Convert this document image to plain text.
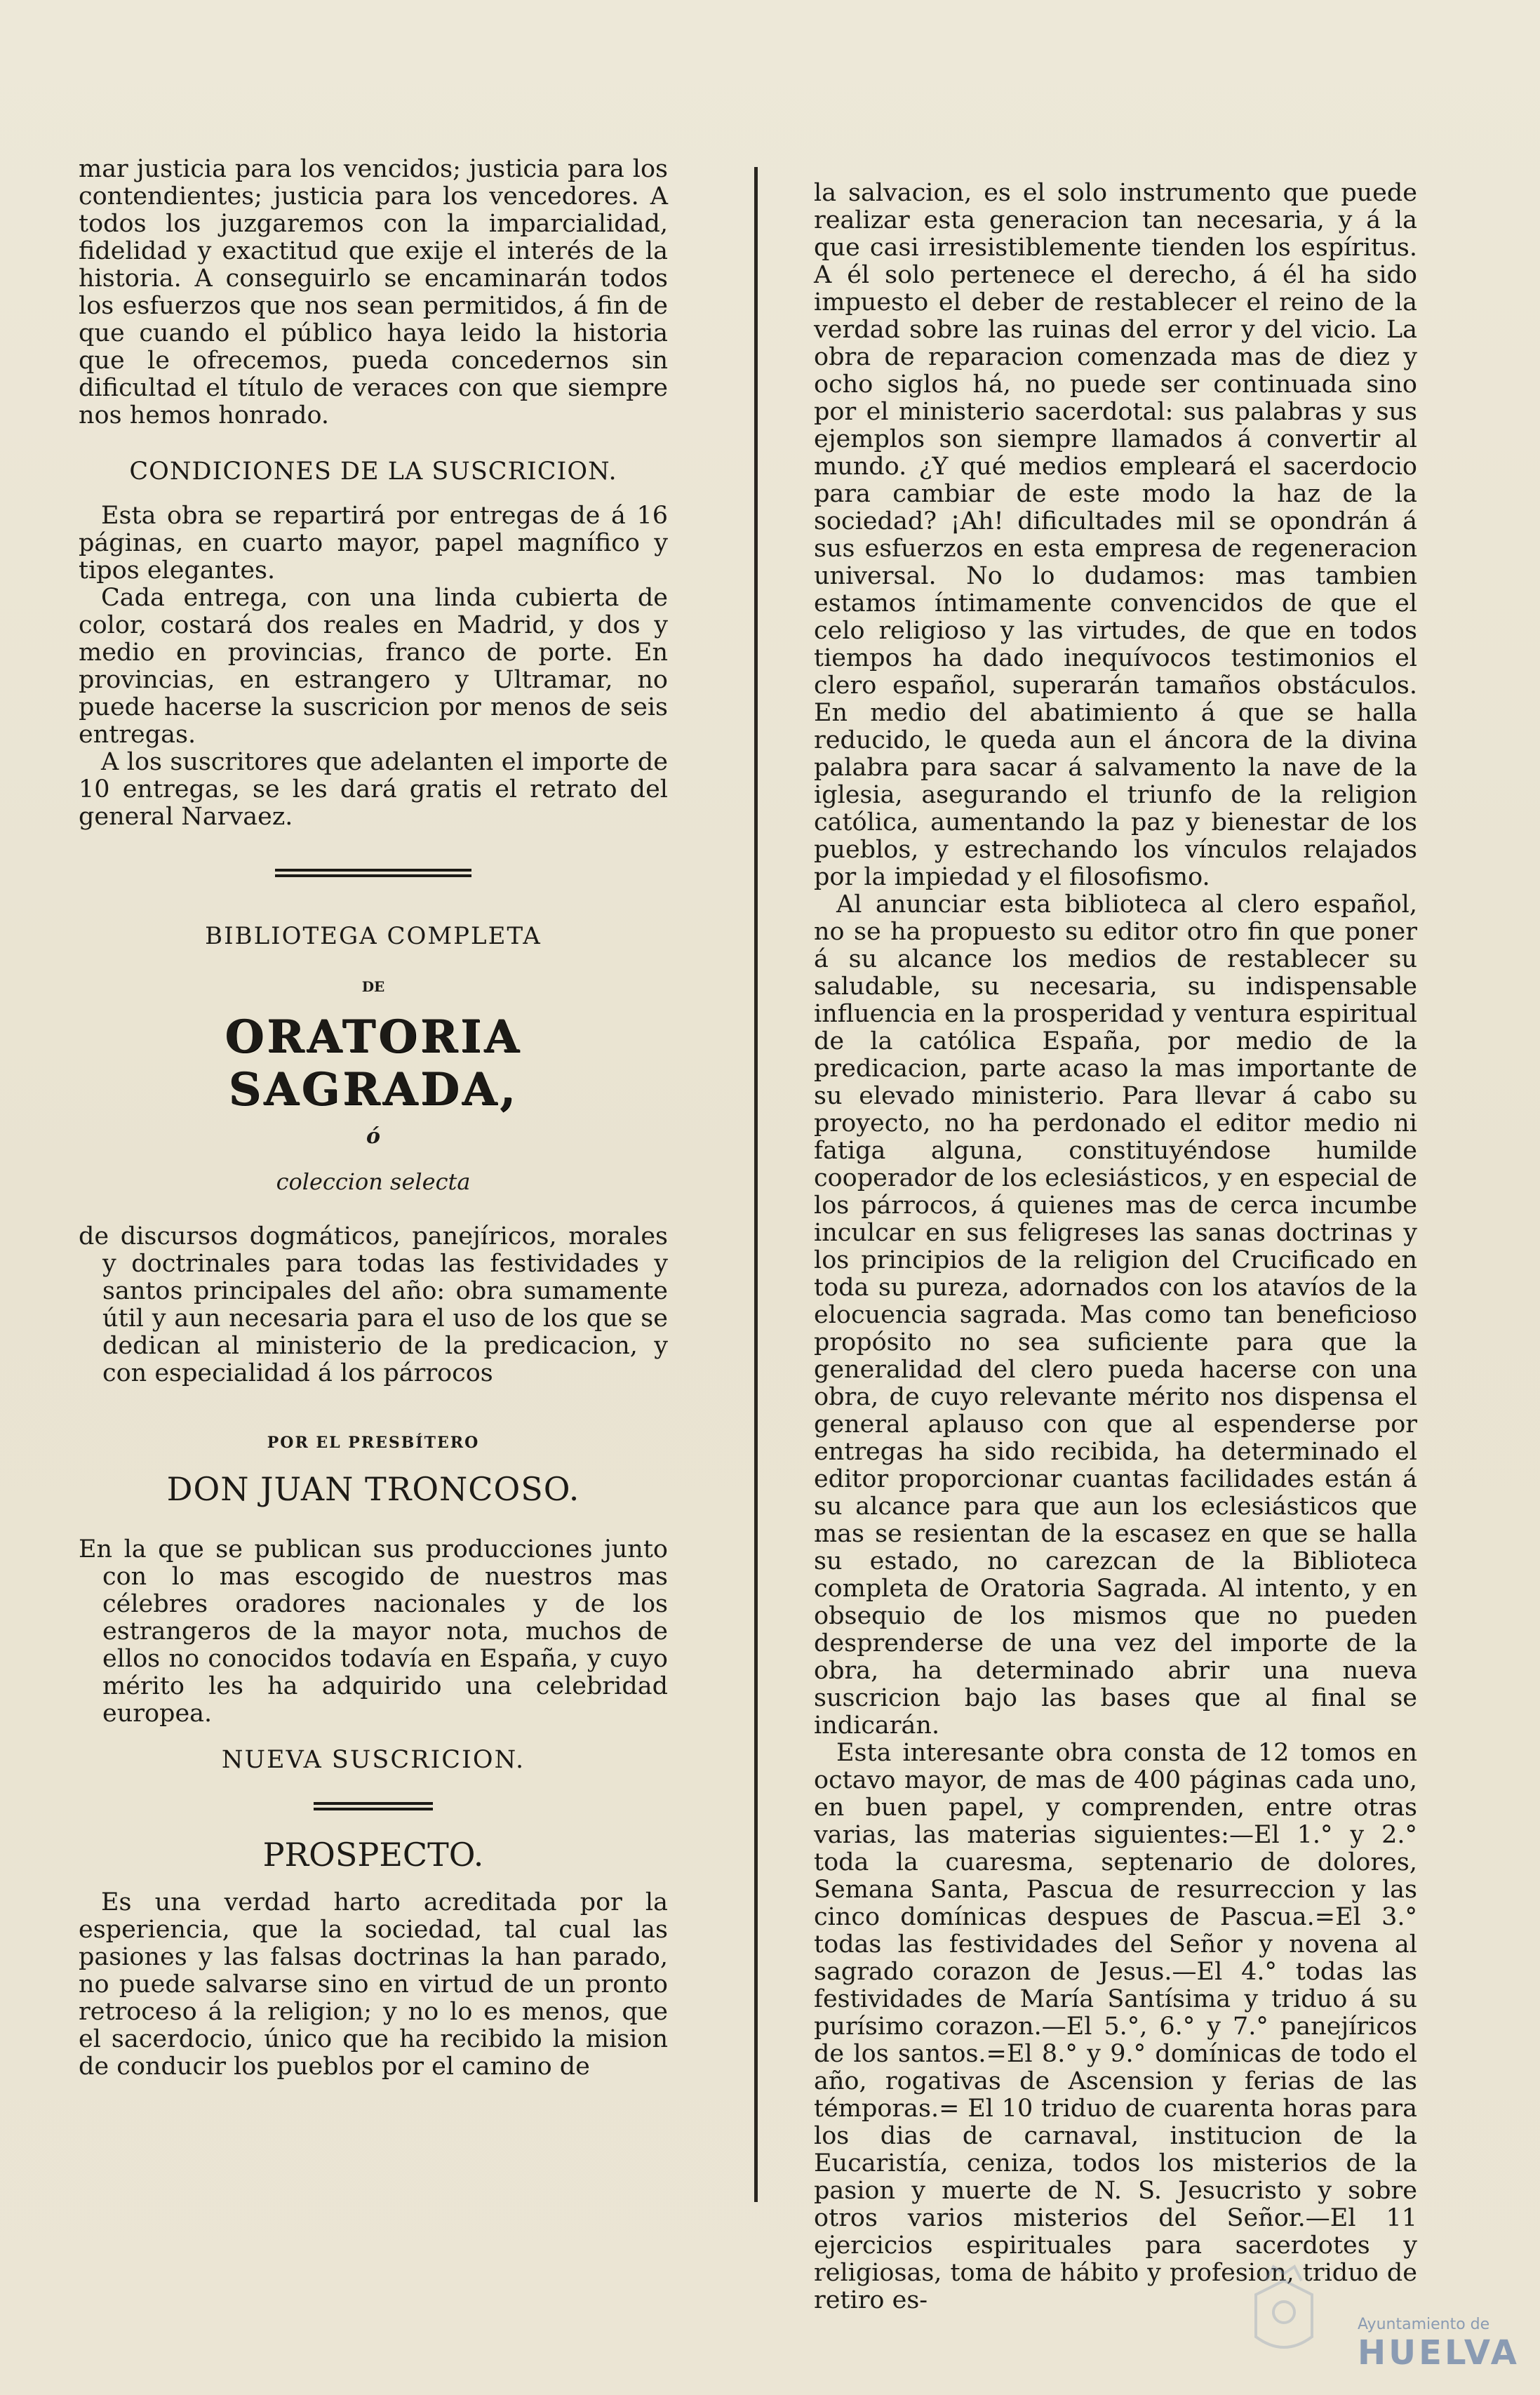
mar justicia para los vencidos; justicia para los contendientes; justicia para los vencedores. A todos los juzgaremos con la imparcialidad, fidelidad y exactitud que exije el interés de la historia. A conseguirlo se encaminarán todos los esfuerzos que nos sean permitidos, á fin de que cuando el público haya leido la historia que le ofrecemos, pueda concedernos sin dificultad el título de veraces con que siempre nos hemos honrado.

CONDICIONES DE LA SUSCRICION.

Esta obra se repartirá por entregas de á 16 páginas, en cuarto mayor, papel magnífico y tipos elegantes.

Cada entrega, con una linda cubierta de color, costará dos reales en Madrid, y dos y medio en provincias, franco de porte. En provincias, en estrangero y Ultramar, no puede hacerse la suscricion por menos de seis entregas.

A los suscritores que adelanten el importe de 10 entregas, se les dará gratis el retrato del general Narvaez.

BIBLIOTEGA COMPLETA
DE
ORATORIA SAGRADA,
ó
coleccion selecta

de discursos dogmáticos, panejíricos, morales y doctrinales para todas las festividades y santos principales del año: obra sumamente útil y aun necesaria para el uso de los que se dedican al ministerio de la predicacion, y con especialidad á los párrocos

POR EL PRESBÍTERO
DON JUAN TRONCOSO.

En la que se publican sus producciones junto con lo mas escogido de nuestros mas célebres oradores nacionales y de los estrangeros de la mayor nota, muchos de ellos no conocidos todavía en España, y cuyo mérito les ha adquirido una celebridad europea.

NUEVA SUSCRICION.
PROSPECTO.

Es una verdad harto acreditada por la esperiencia, que la sociedad, tal cual las pasiones y las falsas doctrinas la han parado, no puede salvarse sino en virtud de un pronto retroceso á la religion; y no lo es menos, que el sacerdocio, único que ha recibido la mision de conducir los pueblos por el camino de

la salvacion, es el solo instrumento que puede realizar esta generacion tan necesaria, y á la que casi irresistiblemente tienden los espíritus. A él solo pertenece el derecho, á él ha sido impuesto el deber de restablecer el reino de la verdad sobre las ruinas del error y del vicio. La obra de reparacion comenzada mas de diez y ocho siglos há, no puede ser continuada sino por el ministerio sacerdotal: sus palabras y sus ejemplos son siempre llamados á convertir al mundo. ¿Y qué medios empleará el sacerdocio para cambiar de este modo la haz de la sociedad? ¡Ah! dificultades mil se opondrán á sus esfuerzos en esta empresa de regeneracion universal. No lo dudamos: mas tambien estamos íntimamente convencidos de que el celo religioso y las virtudes, de que en todos tiempos ha dado inequívocos testimonios el clero español, superarán tamaños obstáculos. En medio del abatimiento á que se halla reducido, le queda aun el áncora de la divina palabra para sacar á salvamento la nave de la iglesia, asegurando el triunfo de la religion católica, aumentando la paz y bienestar de los pueblos, y estrechando los vínculos relajados por la impiedad y el filosofismo.

Al anunciar esta biblioteca al clero español, no se ha propuesto su editor otro fin que poner á su alcance los medios de restablecer su saludable, su necesaria, su indispensable influencia en la prosperidad y ventura espiritual de la católica España, por medio de la predicacion, parte acaso la mas importante de su elevado ministerio. Para llevar á cabo su proyecto, no ha perdonado el editor medio ni fatiga alguna, constituyéndose humilde cooperador de los eclesiásticos, y en especial de los párrocos, á quienes mas de cerca incumbe inculcar en sus feligreses las sanas doctrinas y los principios de la religion del Crucificado en toda su pureza, adornados con los atavíos de la elocuencia sagrada. Mas como tan beneficioso propósito no sea suficiente para que la generalidad del clero pueda hacerse con una obra, de cuyo relevante mérito nos dispensa el general aplauso con que al espenderse por entregas ha sido recibida, ha determinado el editor proporcionar cuantas facilidades están á su alcance para que aun los eclesiásticos que mas se resientan de la escasez en que se halla su estado, no carezcan de la Biblioteca completa de Oratoria Sagrada. Al intento, y en obsequio de los mismos que no pueden desprenderse de una vez del importe de la obra, ha determinado abrir una nueva suscricion bajo las bases que al final se indicarán.

Esta interesante obra consta de 12 tomos en octavo mayor, de mas de 400 páginas cada uno, en buen papel, y comprenden, entre otras varias, las materias siguientes:—El 1.° y 2.° toda la cuaresma, septenario de dolores, Semana Santa, Pascua de resurreccion y las cinco domínicas despues de Pascua.=El 3.° todas las festividades del Señor y novena al sagrado corazon de Jesus.—El 4.° todas las festividades de María Santísima y triduo á su purísimo corazon.—El 5.°, 6.° y 7.° panejíricos de los santos.=El 8.° y 9.° domínicas de todo el año, rogativas de Ascension y ferias de las témporas.= El 10 triduo de cuarenta horas para los dias de carnaval, institucion de la Eucaristía, ceniza, todos los misterios de la pasion y muerte de N. S. Jesucristo y sobre otros varios misterios del Señor.—El 11 ejercicios espirituales para sacerdotes y religiosas, toma de hábito y profesion, triduo de retiro es-

Ayuntamiento de
HUELVA
